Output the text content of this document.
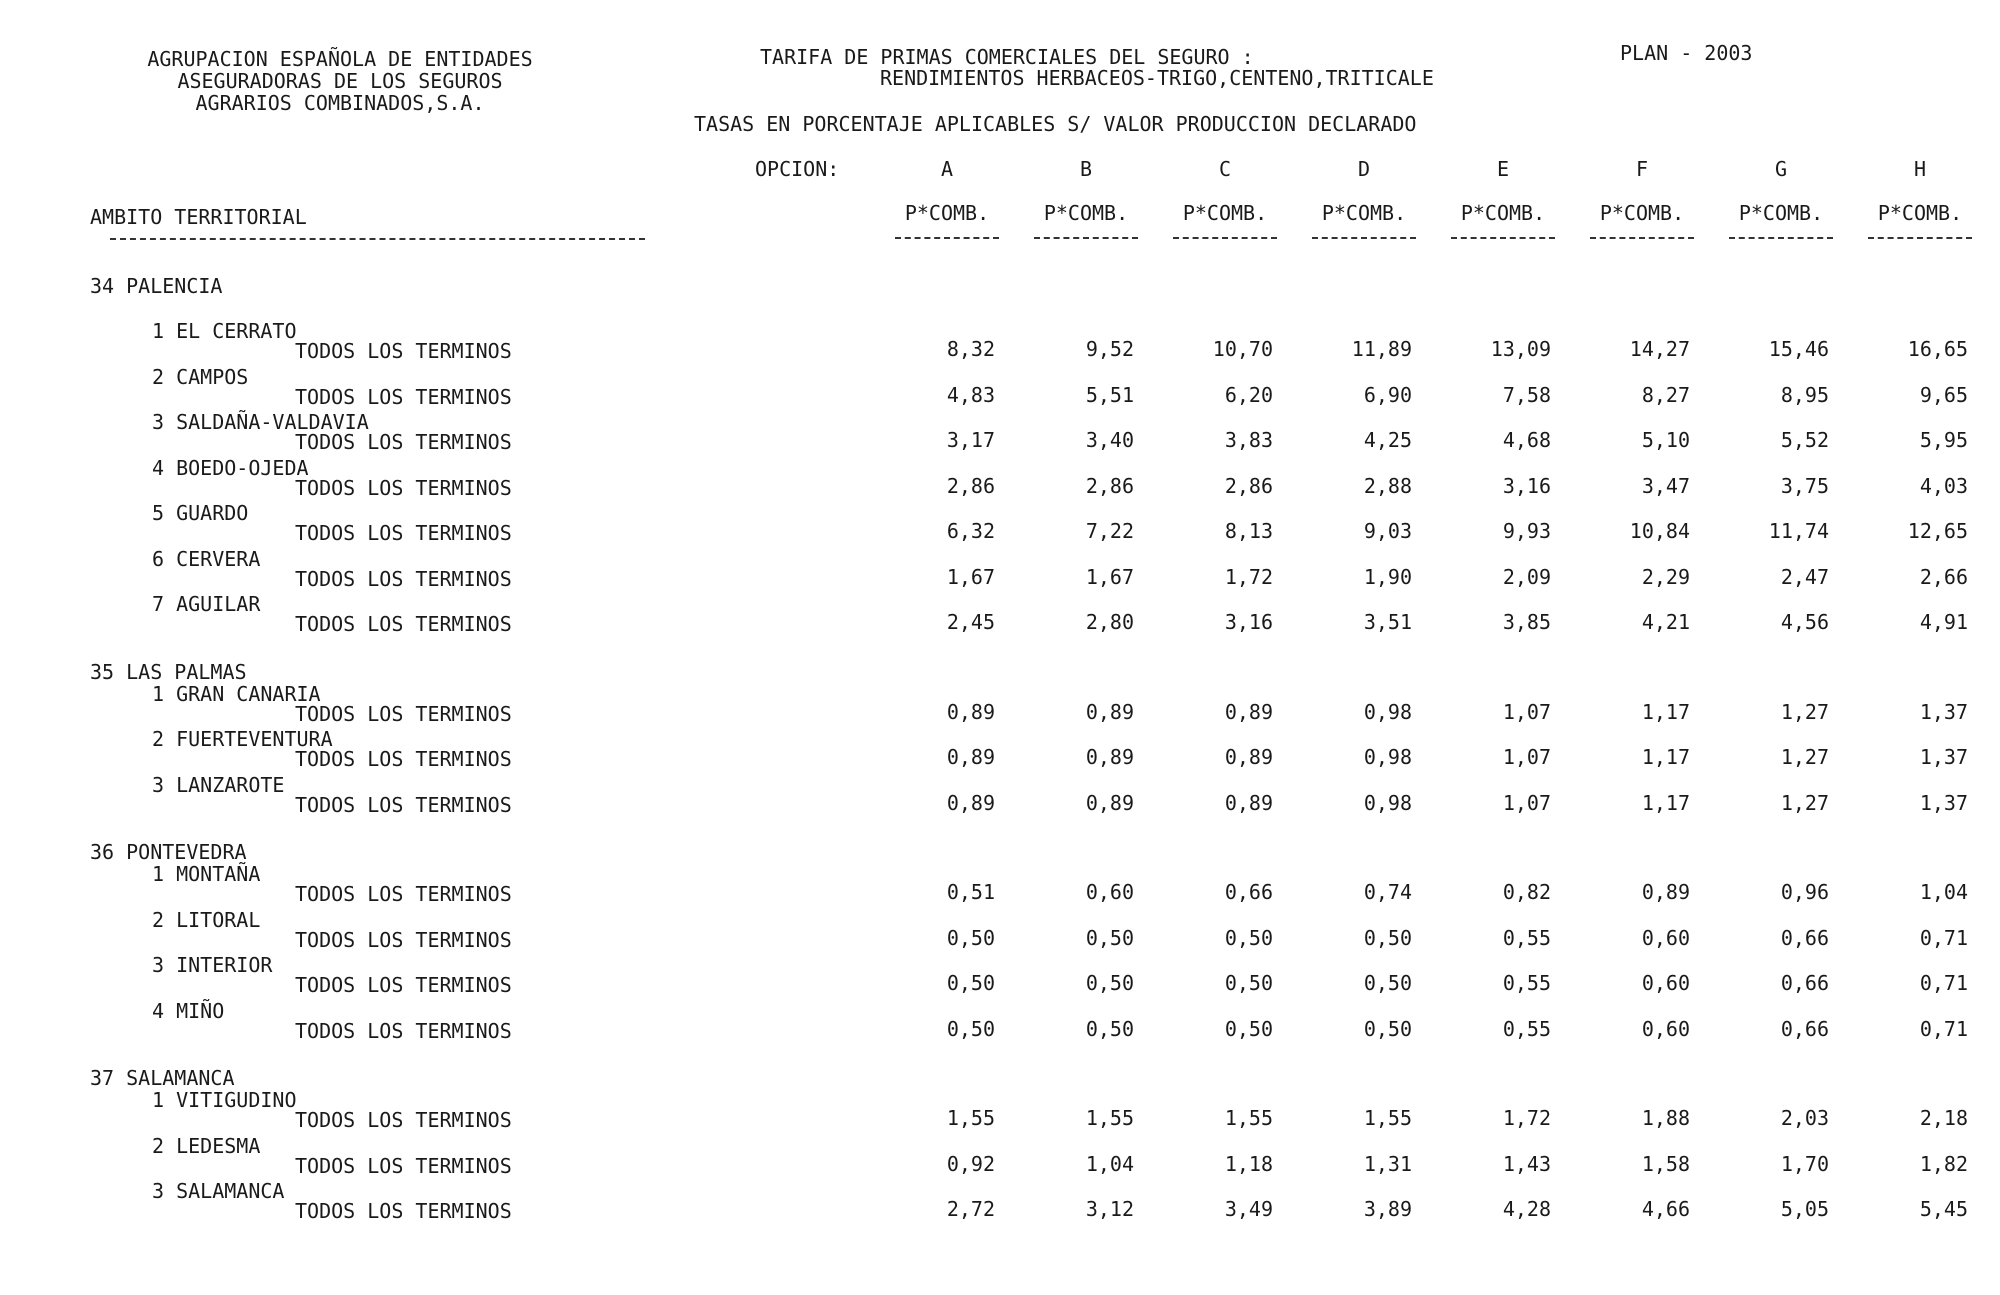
AGRUPACION ESPAÑOLA DE ENTIDADES
ASEGURADORAS DE LOS SEGUROS
AGRARIOS COMBINADOS,S.A.
TARIFA DE PRIMAS COMERCIALES DEL SEGURO :
RENDIMIENTOS HERBACEOS-TRIGO,CENTENO,TRITICALE
PLAN - 2003
TASAS EN PORCENTAJE APLICABLES S/ VALOR PRODUCCION DECLARADO
OPCION:	A	B	C	D	E	F	G	H
AMBITO TERRITORIAL	P*COMB.	P*COMB.	P*COMB.	P*COMB.	P*COMB.	P*COMB.	P*COMB.	P*COMB.
34 PALENCIA
1 EL CERRATO
TODOS LOS TERMINOS	8,32	9,52	10,70	11,89	13,09	14,27	15,46	16,65
2 CAMPOS
TODOS LOS TERMINOS	4,83	5,51	6,20	6,90	7,58	8,27	8,95	9,65
3 SALDAÑA-VALDAVIA
TODOS LOS TERMINOS	3,17	3,40	3,83	4,25	4,68	5,10	5,52	5,95
4 BOEDO-OJEDA
TODOS LOS TERMINOS	2,86	2,86	2,86	2,88	3,16	3,47	3,75	4,03
5 GUARDO
TODOS LOS TERMINOS	6,32	7,22	8,13	9,03	9,93	10,84	11,74	12,65
6 CERVERA
TODOS LOS TERMINOS	1,67	1,67	1,72	1,90	2,09	2,29	2,47	2,66
7 AGUILAR
TODOS LOS TERMINOS	2,45	2,80	3,16	3,51	3,85	4,21	4,56	4,91
35 LAS PALMAS
1 GRAN CANARIA
TODOS LOS TERMINOS	0,89	0,89	0,89	0,98	1,07	1,17	1,27	1,37
2 FUERTEVENTURA
TODOS LOS TERMINOS	0,89	0,89	0,89	0,98	1,07	1,17	1,27	1,37
3 LANZAROTE
TODOS LOS TERMINOS	0,89	0,89	0,89	0,98	1,07	1,17	1,27	1,37
36 PONTEVEDRA
1 MONTAÑA
TODOS LOS TERMINOS	0,51	0,60	0,66	0,74	0,82	0,89	0,96	1,04
2 LITORAL
TODOS LOS TERMINOS	0,50	0,50	0,50	0,50	0,55	0,60	0,66	0,71
3 INTERIOR
TODOS LOS TERMINOS	0,50	0,50	0,50	0,50	0,55	0,60	0,66	0,71
4 MIÑO
TODOS LOS TERMINOS	0,50	0,50	0,50	0,50	0,55	0,60	0,66	0,71
37 SALAMANCA
1 VITIGUDINO
TODOS LOS TERMINOS	1,55	1,55	1,55	1,55	1,72	1,88	2,03	2,18
2 LEDESMA
TODOS LOS TERMINOS	0,92	1,04	1,18	1,31	1,43	1,58	1,70	1,82
3 SALAMANCA
TODOS LOS TERMINOS	2,72	3,12	3,49	3,89	4,28	4,66	5,05	5,45
